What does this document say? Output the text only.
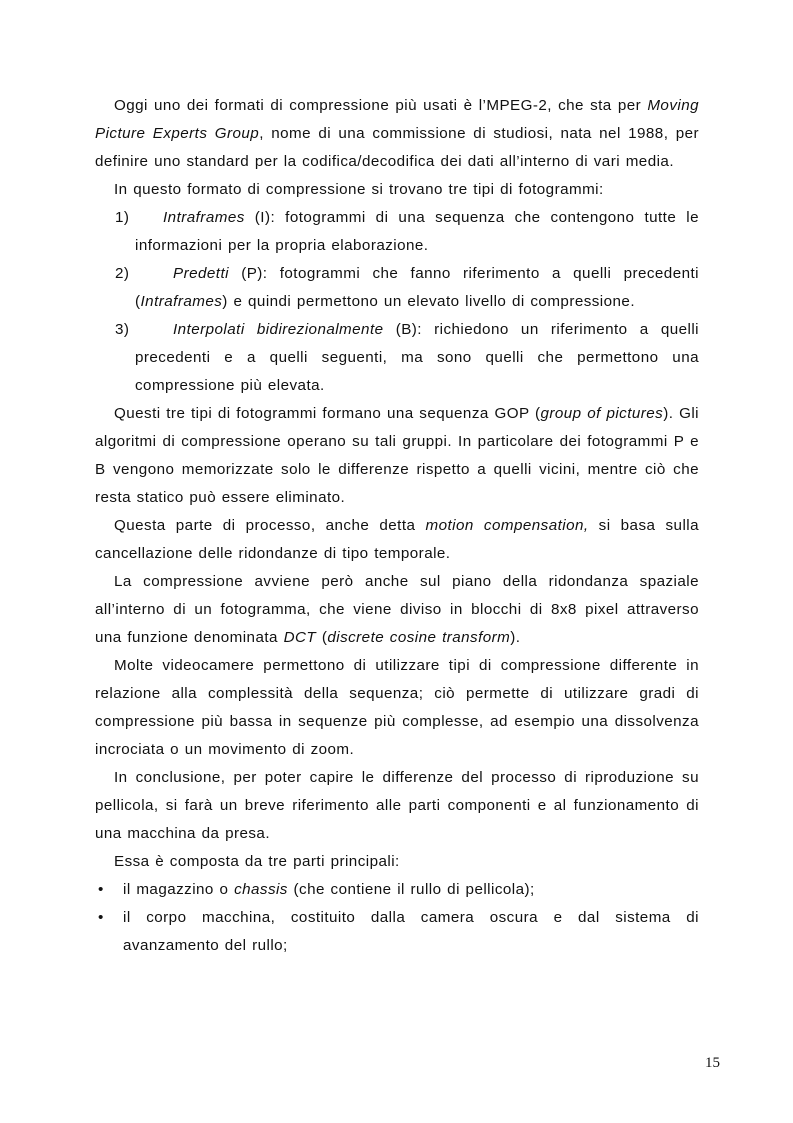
Oggi uno dei formati di compressione più usati è l’MPEG-2, che sta per Moving Picture Experts Group, nome di una commissione di studiosi, nata nel 1988, per definire uno standard per la codifica/decodifica dei dati all’interno di vari media.

In questo formato di compressione si trovano tre tipi di fotogrammi:

1) Intraframes (I): fotogrammi di una sequenza che contengono tutte le informazioni per la propria elaborazione.

2)	Predetti (P): fotogrammi che fanno riferimento a quelli precedenti (Intraframes) e quindi permettono un elevato livello di compressione.

3)	Interpolati bidirezionalmente (B): richiedono un riferimento a quelli precedenti e a quelli seguenti, ma sono quelli che permettono una compressione più elevata.

Questi tre tipi di fotogrammi formano una sequenza GOP (group of pictures). Gli algoritmi di compressione operano su tali gruppi. In particolare dei fotogrammi P e B vengono memorizzate solo le differenze rispetto a quelli vicini, mentre ciò che resta statico può essere eliminato.

Questa parte di processo, anche detta motion compensation, si basa sulla cancellazione delle ridondanze di tipo temporale.

La compressione avviene però anche sul piano della ridondanza spaziale all’interno di un fotogramma, che viene diviso in blocchi di 8x8 pixel attraverso una funzione denominata DCT (discrete cosine transform).

Molte videocamere permettono di utilizzare tipi di compressione differente in relazione alla complessità della sequenza; ciò permette di utilizzare gradi di compressione più bassa in sequenze più complesse, ad esempio una dissolvenza incrociata o un movimento di zoom.

In conclusione, per poter capire le differenze del processo di riproduzione su pellicola, si farà un breve riferimento alle parti componenti e al funzionamento di una macchina da presa.

Essa è composta da tre parti principali:

• il magazzino o chassis (che contiene il rullo di pellicola);

• il corpo macchina, costituito dalla camera oscura e dal sistema di avanzamento del rullo;

15
